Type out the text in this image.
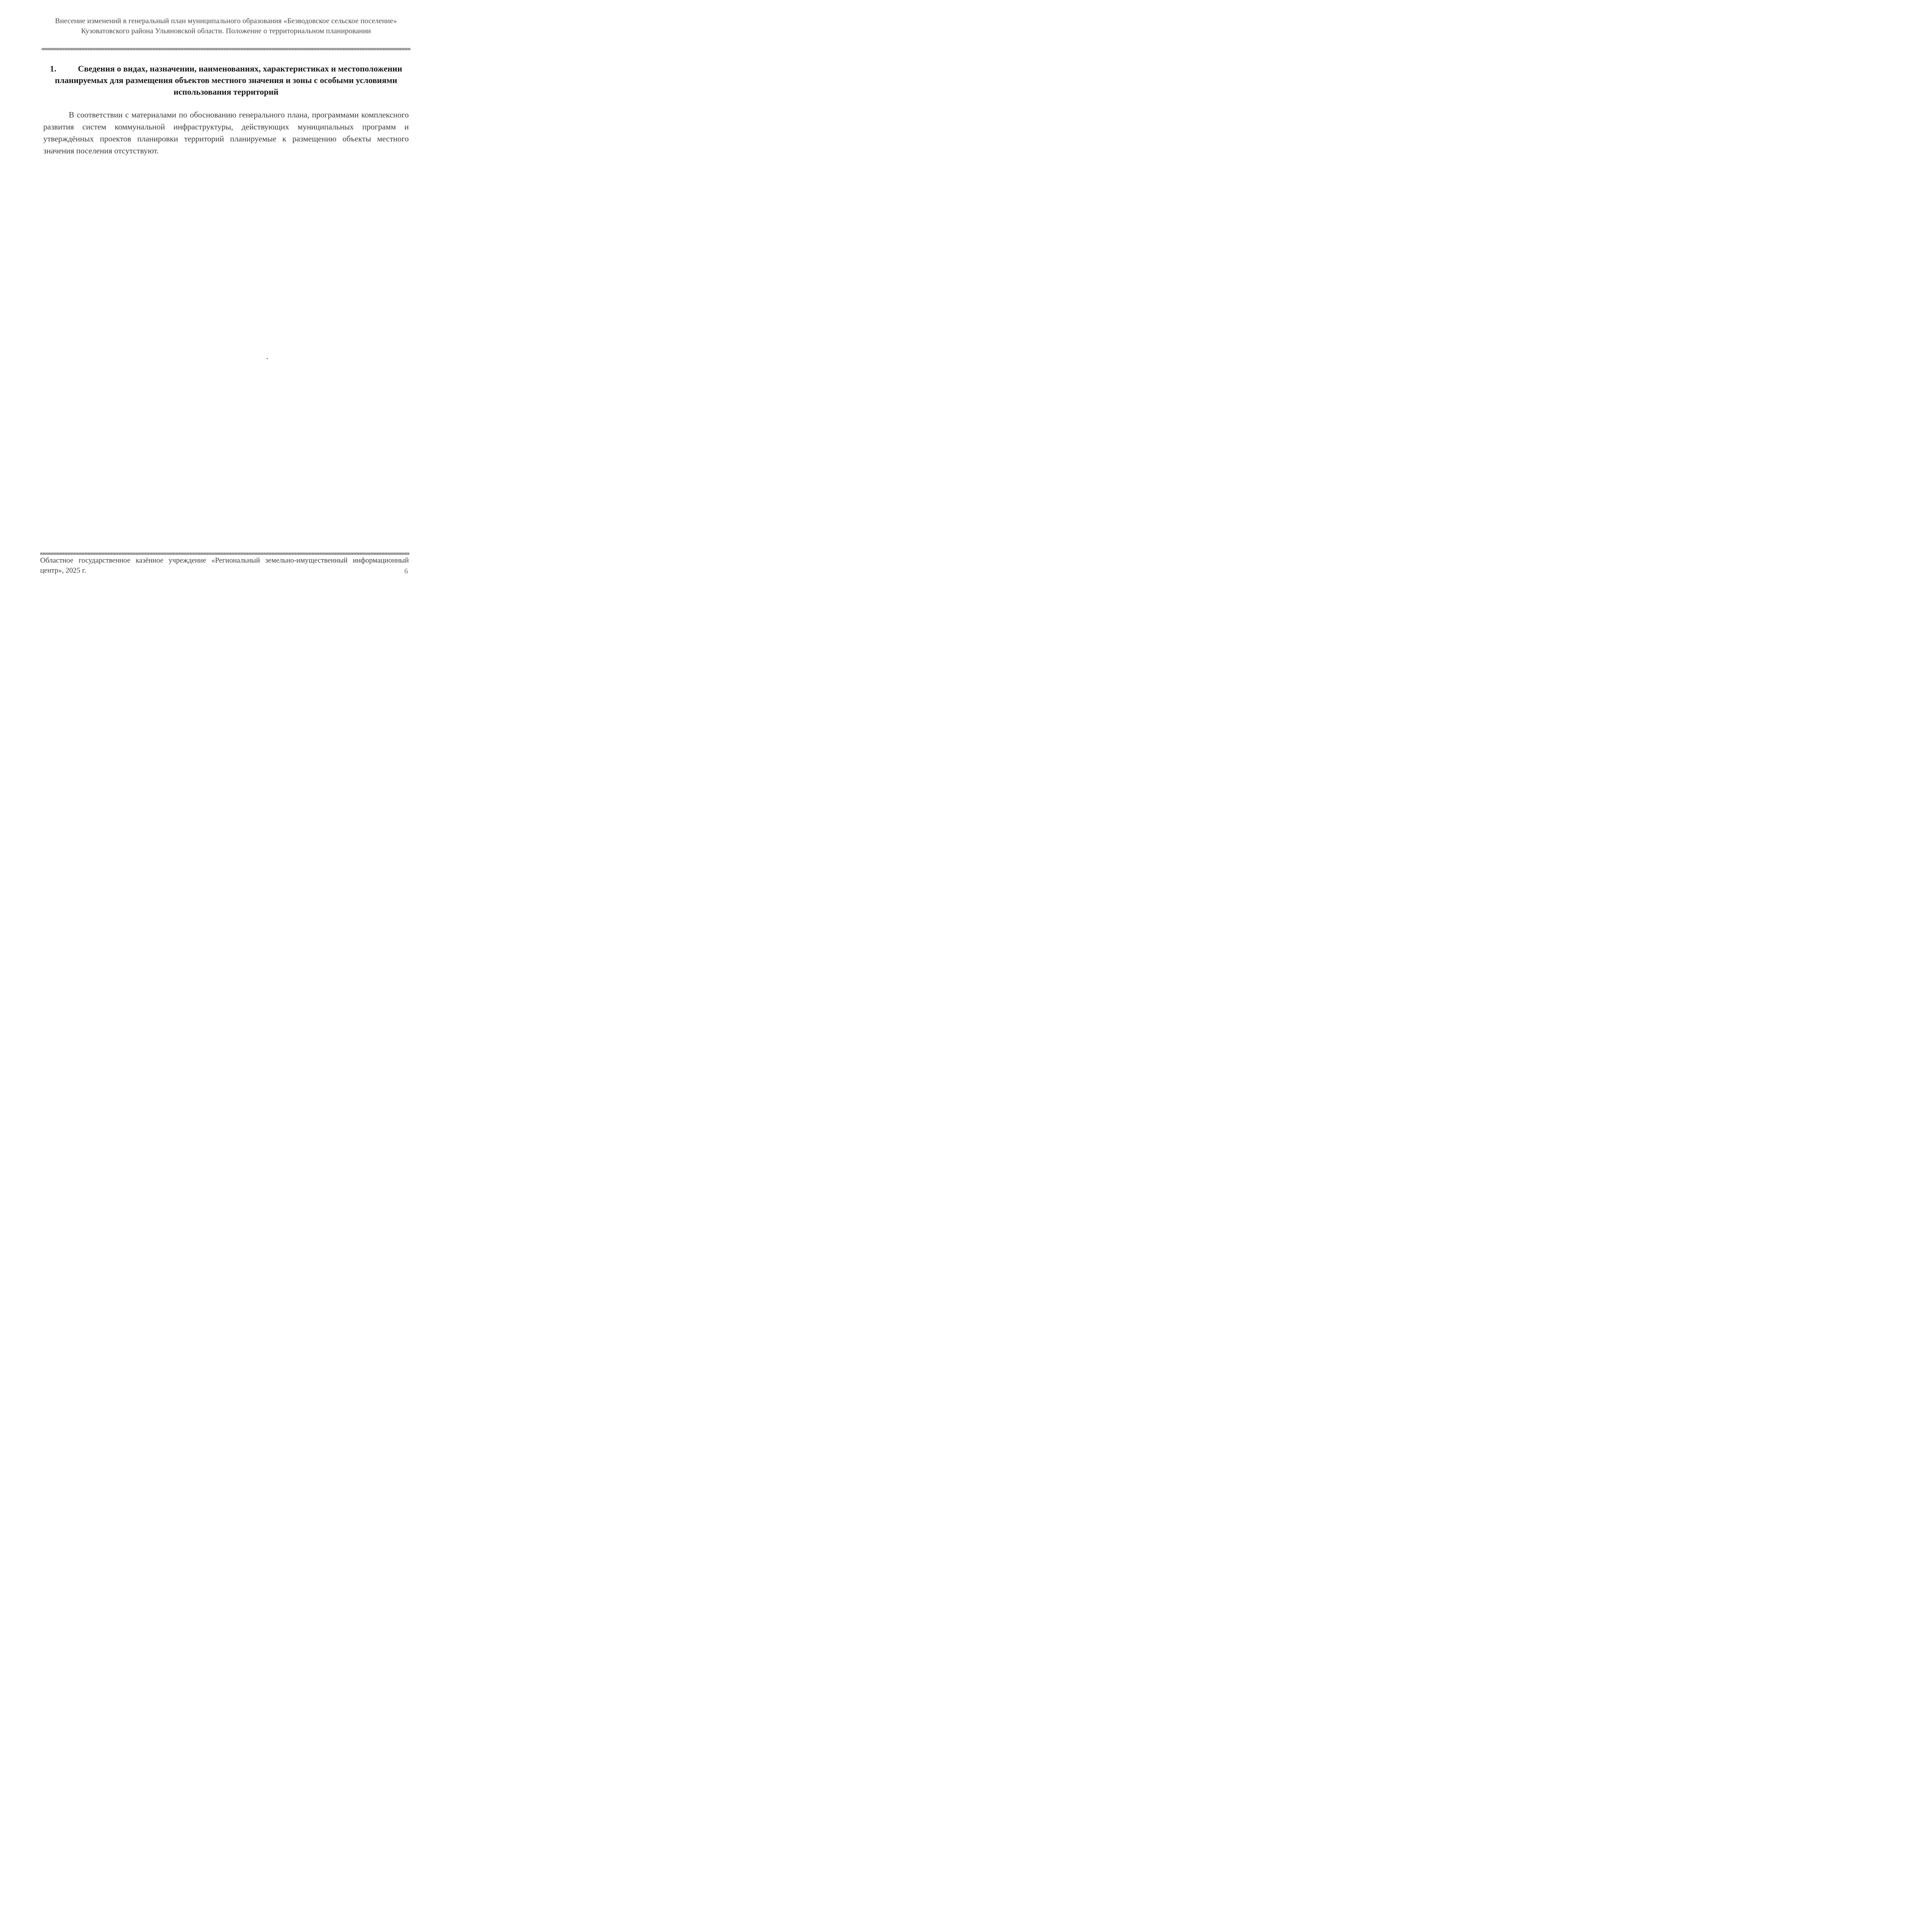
Внесение изменений в генеральный план муниципального образования «Безводовское сельское поселение» Кузоватовского района Ульяновской области. Положение о территориальном планировании
1.	Сведения о видах, назначении, наименованиях, характеристиках и местоположении планируемых для размещения объектов местного значения и зоны с особыми условиями использования территорий
В соответствии с материалами по обоснованию генерального плана, программами комплексного развития систем коммунальной инфраструктуры, действующих муниципальных программ и утверждённых проектов планировки территорий планируемые к размещению объекты местного значения поселения отсутствуют.
Областное государственное казённое учреждение «Региональный земельно-имущественный информационный центр», 2025 г.	6
